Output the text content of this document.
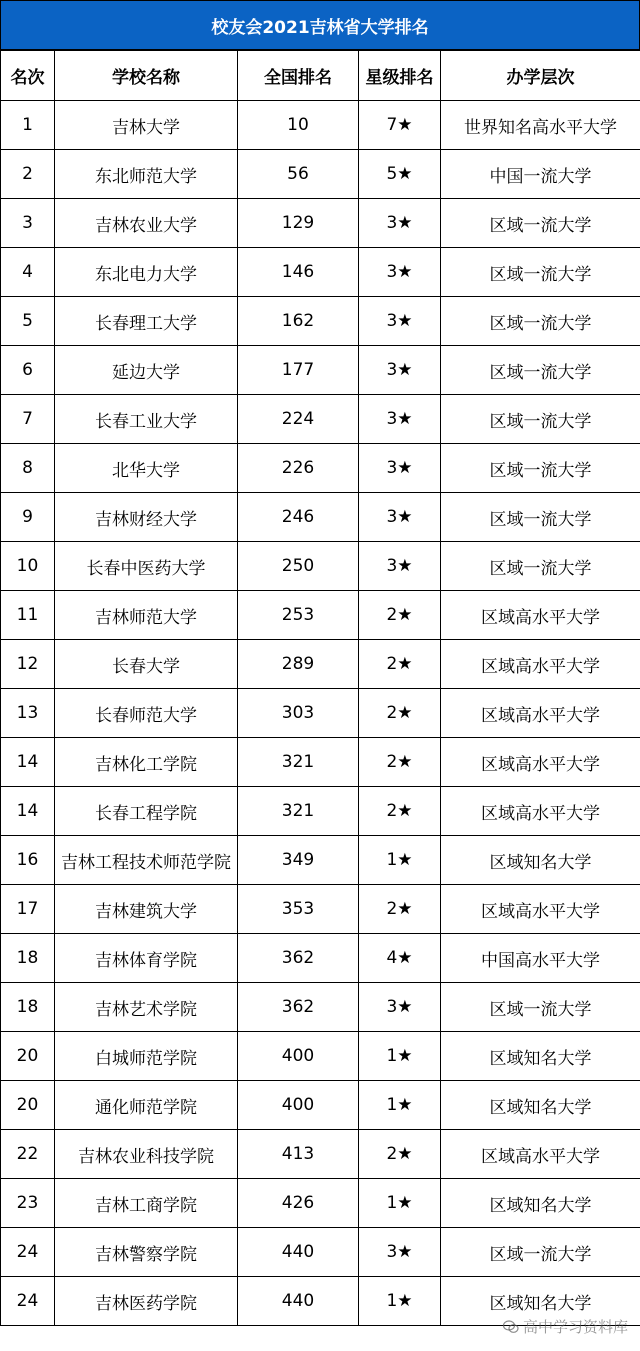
校友会2021吉林省大学排名
名次	学校名称	全国排名	星级排名	办学层次
1	吉林大学	10	7★	世界知名高水平大学
2	东北师范大学	56	5★	中国一流大学
3	吉林农业大学	129	3★	区域一流大学
4	东北电力大学	146	3★	区域一流大学
5	长春理工大学	162	3★	区域一流大学
6	延边大学	177	3★	区域一流大学
7	长春工业大学	224	3★	区域一流大学
8	北华大学	226	3★	区域一流大学
9	吉林财经大学	246	3★	区域一流大学
10	长春中医药大学	250	3★	区域一流大学
11	吉林师范大学	253	2★	区域高水平大学
12	长春大学	289	2★	区域高水平大学
13	长春师范大学	303	2★	区域高水平大学
14	吉林化工学院	321	2★	区域高水平大学
14	长春工程学院	321	2★	区域高水平大学
16	吉林工程技术师范学院	349	1★	区域知名大学
17	吉林建筑大学	353	2★	区域高水平大学
18	吉林体育学院	362	4★	中国高水平大学
18	吉林艺术学院	362	3★	区域一流大学
20	白城师范学院	400	1★	区域知名大学
20	通化师范学院	400	1★	区域知名大学
22	吉林农业科技学院	413	2★	区域高水平大学
23	吉林工商学院	426	1★	区域知名大学
24	吉林警察学院	440	3★	区域一流大学
24	吉林医药学院	440	1★	区域知名大学
高中学习资料库
